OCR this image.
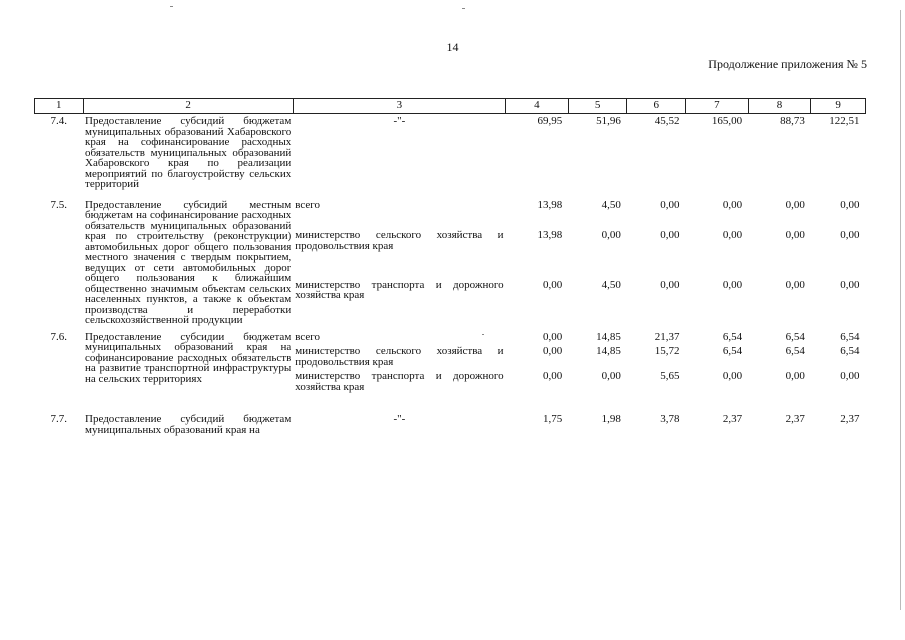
14
Продолжение приложения № 5
1	2	3	4	5	6	7	8	9
7.4.	Предоставление субсидий бюджетам муниципальных образований Хабаровского края на софинансирование расходных обязательств муниципальных образований Хабаровского края по реализации мероприятий по благоустройству сельских территорий	-"-	69,95	51,96	45,52	165,00	88,73	122,51
7.5.	Предоставление субсидий местным бюджетам на софинансирование расходных обязательств муниципальных образований края по строительству (реконструкции) автомобильных дорог общего пользования местного значения с твердым покрытием, ведущих от сети автомобильных дорог общего пользования к ближайшим общественно значимым объектам сельских населенных пунктов, а также к объектам производства и переработки сельскохозяйственной продукции	всего	13,98	4,50	0,00	0,00	0,00	0,00
		министерство сельского хозяйства и продовольствия края	13,98	0,00	0,00	0,00	0,00	0,00
		министерство транспорта и дорожного хозяйства края	0,00	4,50	0,00	0,00	0,00	0,00
7.6.	Предоставление субсидии бюджетам муниципальных образований края на софинансирование расходных обязательств на развитие транспортной инфраструктуры на сельских территориях	всего	0,00	14,85	21,37	6,54	6,54	6,54
		министерство сельского хозяйства и продовольствия края	0,00	14,85	15,72	6,54	6,54	6,54
		министерство транспорта и дорожного хозяйства края	0,00	0,00	5,65	0,00	0,00	0,00

7.7.	Предоставление субсидий бюджетам муниципальных образований края на	-"-	1,75	1,98	3,78	2,37	2,37	2,37
